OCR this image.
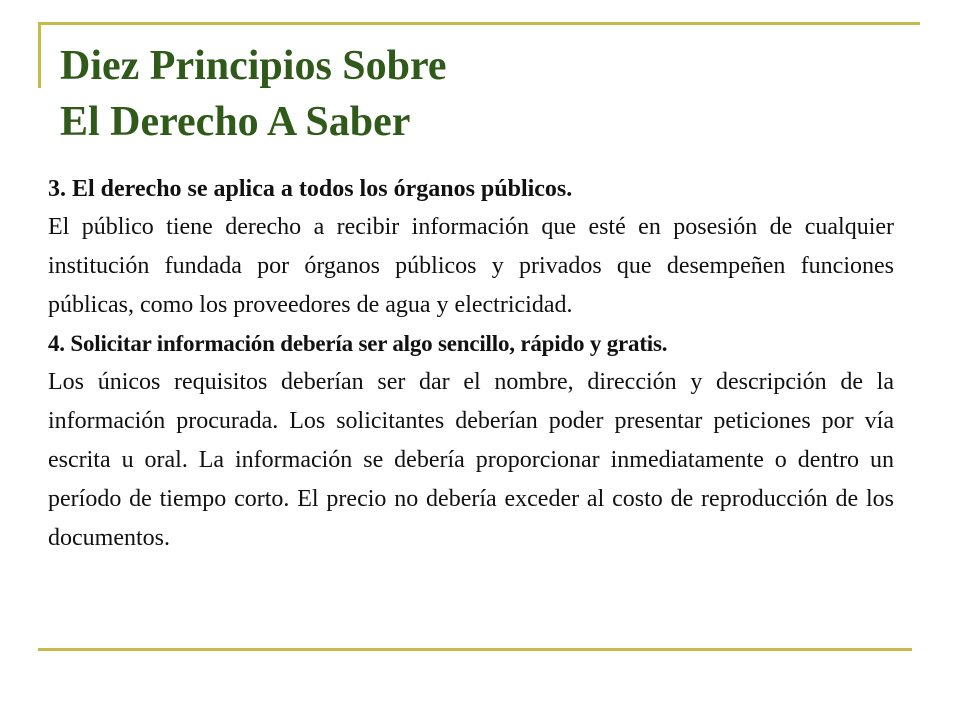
Diez Principios Sobre
El Derecho A Saber

3. El derecho se aplica a todos los órganos públicos.

El público tiene derecho a recibir información que esté en posesión de cualquier institución fundada por órganos públicos y privados que desempeñen funciones públicas, como los proveedores de agua y electricidad.

4. Solicitar información debería ser algo sencillo, rápido y gratis.

Los únicos requisitos deberían ser dar el nombre, dirección y descripción de la información procurada. Los solicitantes deberían poder presentar peticiones por vía escrita u oral. La información se debería proporcionar inmediatamente o dentro un período de tiempo corto. El precio no debería exceder al costo de reproducción de los documentos.
